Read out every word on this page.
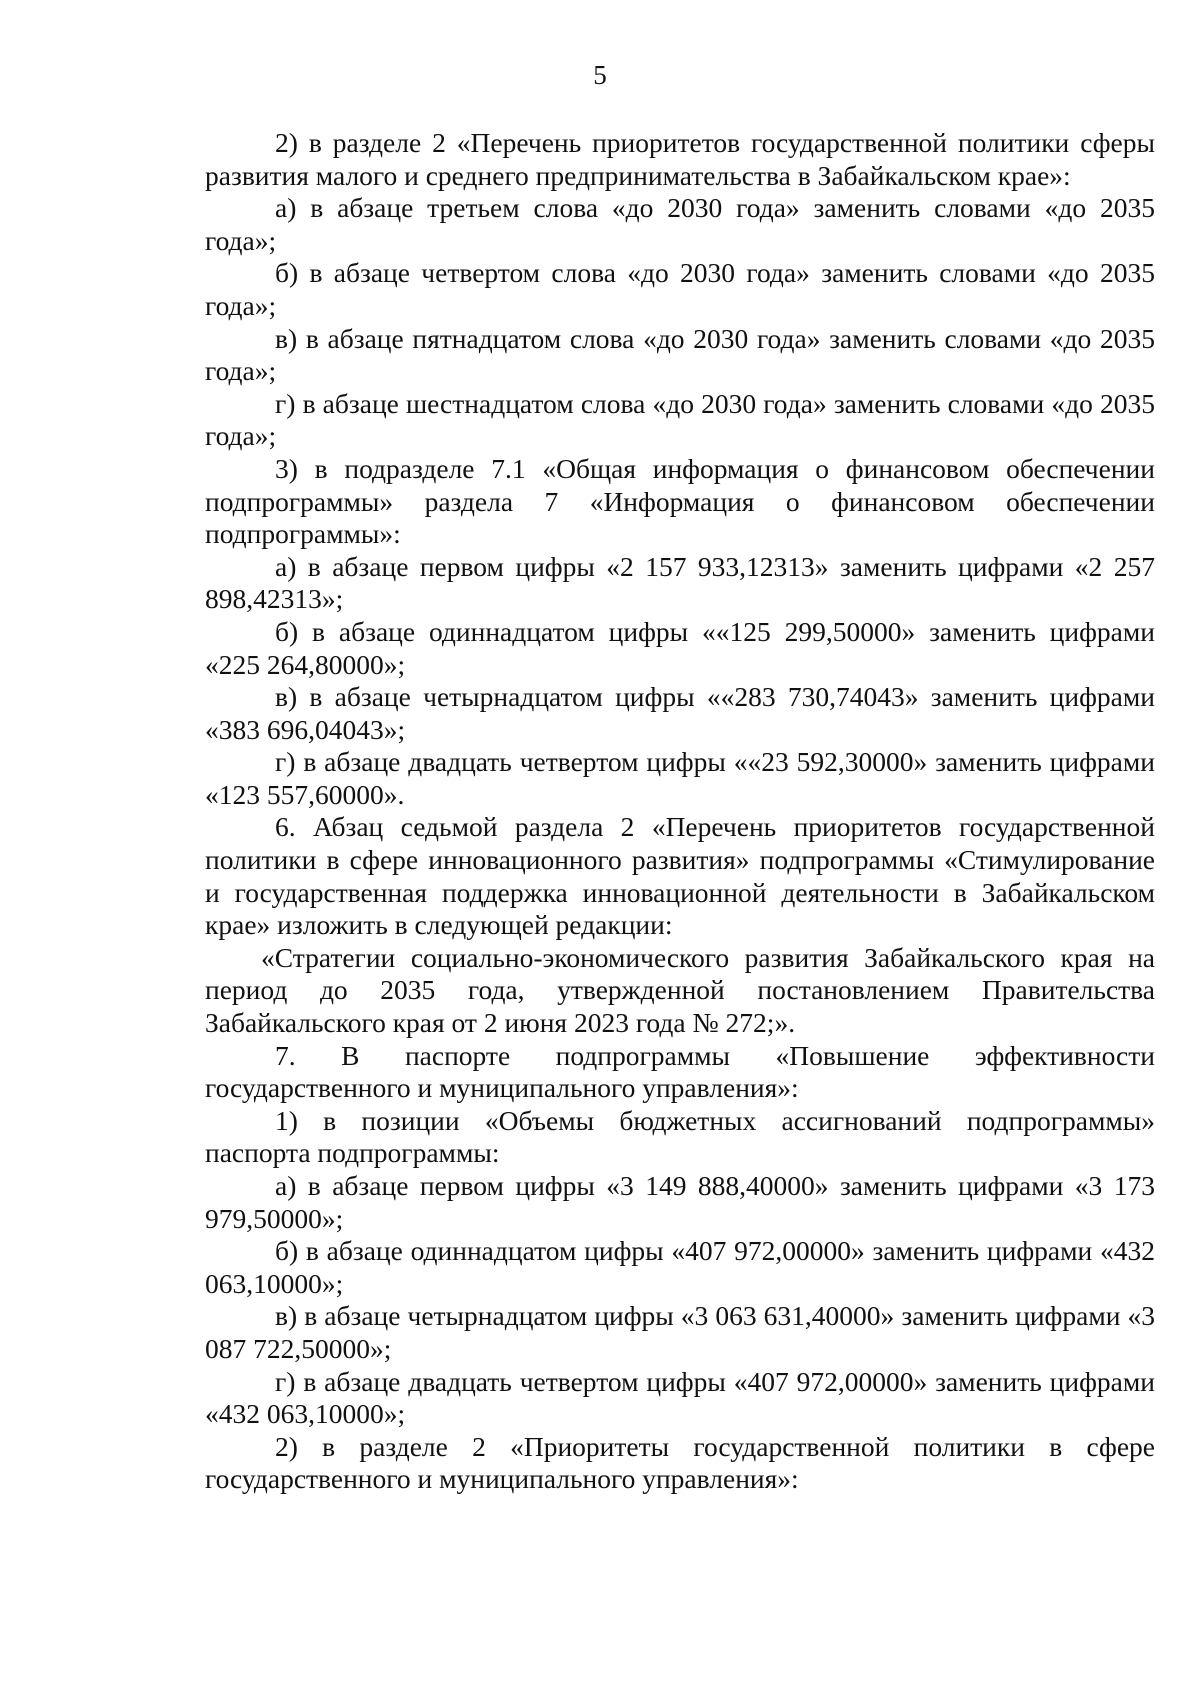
5

2) в разделе 2 «Перечень приоритетов государственной политики сферы развития малого и среднего предпринимательства в Забайкальском крае»:

а) в абзаце третьем слова «до 2030 года» заменить словами «до 2035 года»;

б) в абзаце четвертом слова «до 2030 года» заменить словами «до 2035 года»;

в) в абзаце пятнадцатом слова «до 2030 года» заменить словами «до 2035 года»;

г) в абзаце шестнадцатом слова «до 2030 года» заменить словами «до 2035 года»;

3) в подразделе 7.1 «Общая информация о финансовом обеспечении подпрограммы» раздела 7 «Информация о финансовом обеспечении подпрограммы»:

а) в абзаце первом цифры «2 157 933,12313» заменить цифрами «2 257 898,42313»;

б) в абзаце одиннадцатом цифры ««125 299,50000» заменить цифрами «225 264,80000»;

в) в абзаце четырнадцатом цифры ««283 730,74043» заменить цифрами «383 696,04043»;

г) в абзаце двадцать четвертом цифры ««23 592,30000» заменить цифрами «123 557,60000».

6. Абзац седьмой раздела 2 «Перечень приоритетов государственной политики в сфере инновационного развития» подпрограммы «Стимулирование и государственная поддержка инновационной деятельности в Забайкальском крае» изложить в следующей редакции:

«Стратегии социально-экономического развития Забайкальского края на период до 2035 года, утвержденной постановлением Правительства Забайкальского края от 2 июня 2023 года № 272;».

7. В паспорте подпрограммы «Повышение эффективности государственного и муниципального управления»:

1) в позиции «Объемы бюджетных ассигнований подпрограммы» паспорта подпрограммы:

а) в абзаце первом цифры «3 149 888,40000» заменить цифрами «3 173 979,50000»;

б) в абзаце одиннадцатом цифры «407 972,00000» заменить цифрами «432 063,10000»;

в) в абзаце четырнадцатом цифры «3 063 631,40000» заменить цифрами «3 087 722,50000»;

г) в абзаце двадцать четвертом цифры «407 972,00000» заменить цифрами «432 063,10000»;

2) в разделе 2 «Приоритеты государственной политики в сфере государственного и муниципального управления»:
